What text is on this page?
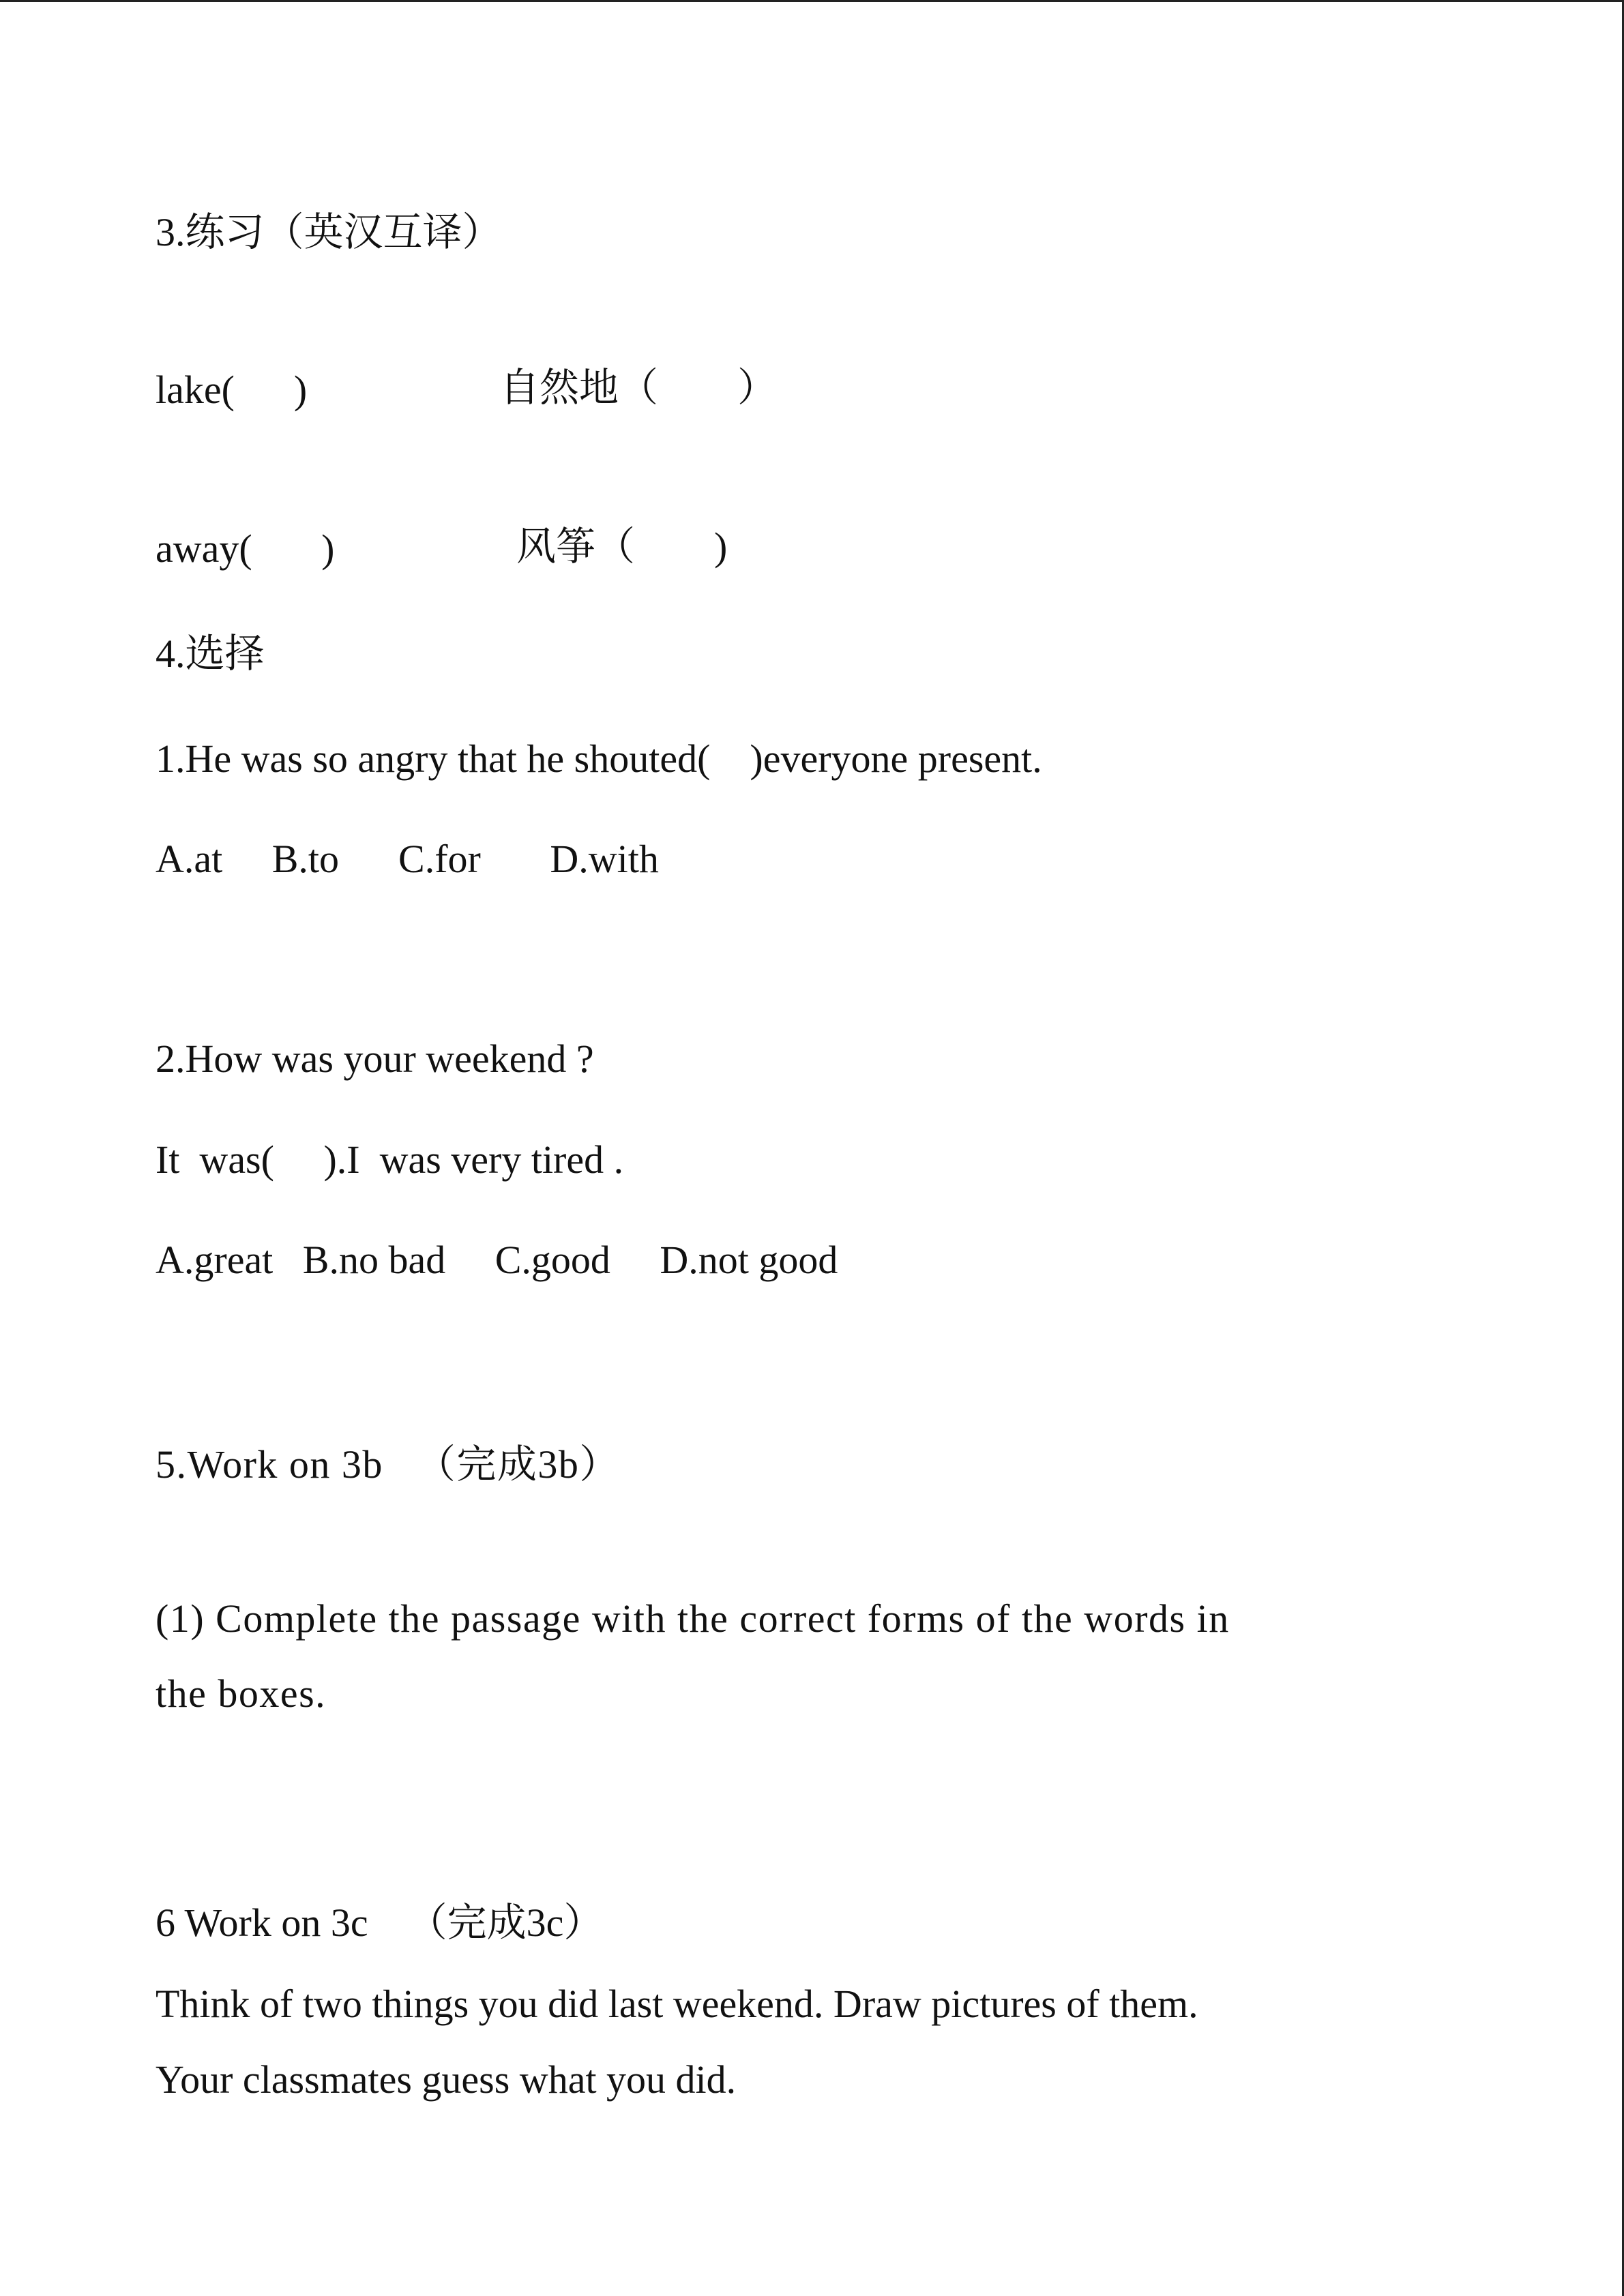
3.练习（英汉互译）
lake(      )	自然地（        ）
away(       )	风筝（        )
4.选择
1.He was so angry that he shouted(    )everyone present.
A.at     B.to      C.for       D.with
2.How was your weekend ?
It  was(     ).I  was very tired .
A.great   B.no bad     C.good     D.not good
5.Work on 3b   （完成3b）
(1) Complete the passage with the correct forms of the words in
the boxes.
6 Work on 3c    （完成3c）
Think of two things you did last weekend. Draw pictures of them.
Your classmates guess what you did.
